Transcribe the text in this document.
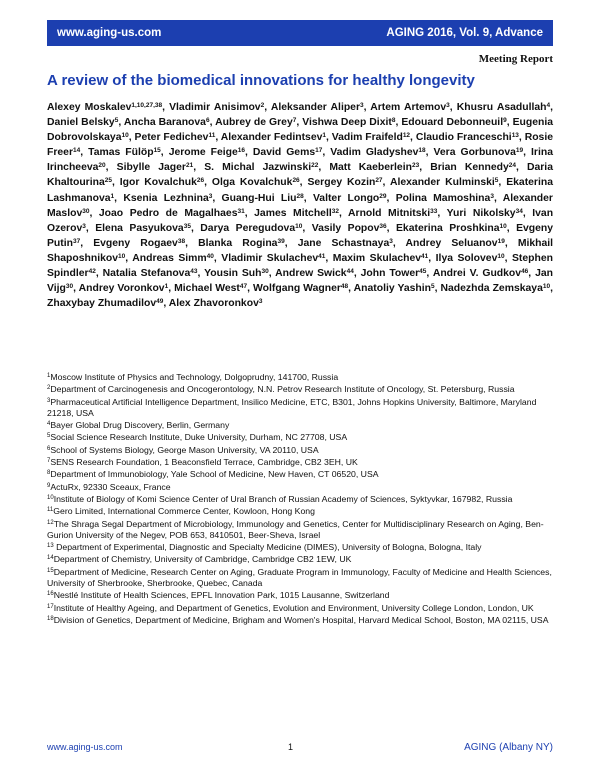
www.aging-us.com	AGING 2016, Vol. 9, Advance
Meeting Report
A review of the biomedical innovations for healthy longevity

Alexey Moskalev$^{1,10,27,38}$ , Vladimir Anisimov$^2$ , Aleksander Aliper$^3$ , Artem Artemov$^3$ , Khusru Asadullah$^4$ , Daniel Belsky$^5$ , Ancha Baranova$^6$ , Aubrey de Grey$^7$ , Vishwa Deep Dixit$^8$ , Edouard Debonneuil$^9$ , Eugenia Dobrovolskaya$^{10}$ , Peter Fedichev$^{11}$ , Alexander Fedintsev$^1$ , Vadim Fraifeld$^{12}$ , Claudio Franceschi$^{13}$ , Rosie Freer$^{14}$ , Tamas Fülöp$^{15}$ , Jerome Feige$^{16}$ , David Gems$^{17}$ , Vadim Gladyshev$^{18}$ , Vera Gorbunova$^{19}$ , Irina Irincheeva$^{20}$ , Sibylle Jager$^{21}$ , S. Michal Jazwinski$^{22}$ , Matt Kaeberlein$^{23}$ , Brian Kennedy$^{24}$ , Daria Khaltourina$^{25}$ , Igor Kovalchuk$^{26}$ , Olga Kovalchuk$^{26}$ , Sergey Kozin$^{27}$ , Alexander Kulminski$^5$ , Ekaterina Lashmanova$^1$ , Ksenia Lezhnina$^3$ , Guang-Hui Liu$^{28}$ , Valter Longo$^{29}$ , Polina Mamoshina$^3$ , Alexander Maslov$^{30}$ , Joao Pedro de Magalhaes$^{31}$ , James Mitchell$^{32}$ , Arnold Mitnitski$^{33}$ , Yuri Nikolsky$^{34}$ , Ivan Ozerov$^3$ , Elena Pasyukova$^{35}$ , Darya Peregudova$^{10}$ , Vasily Popov$^{36}$ , Ekaterina Proshkina$^{10}$ , Evgeny Putin$^{37}$ , Evgeny Rogaev$^{38}$ , Blanka Rogina$^{39}$ , Jane Schastnaya$^3$ , Andrey Seluanov$^{19}$ , Mikhail Shaposhnikov$^{10}$ , Andreas Simm$^{40}$ , Vladimir Skulachev$^{41}$ , Maxim Skulachev$^{41}$ , Ilya Solovev$^{10}$ , Stephen Spindler$^{42}$ , Natalia Stefanova$^{43}$ , Yousin Suh$^{30}$ , Andrew Swick$^{44}$ , John Tower$^{45}$ , Andrei V. Gudkov$^{46}$ , Jan Vijg$^{30}$ , Andrey Voronkov$^1$ , Michael West$^{47}$ , Wolfgang Wagner$^{48}$ , Anatoliy Yashin$^5$ , Nadezhda Zemskaya$^{10}$ , Zhaxybay Zhumadilov$^{49}$ , Alex Zhavoronkov$^3$

$^1$Moscow Institute of Physics and Technology, Dolgoprudny, 141700, Russia
$^2$Department of Carcinogenesis and Oncogerontology, N.N. Petrov Research Institute of Oncology, St. Petersburg, Russia
$^3$Pharmaceutical Artificial Intelligence Department, Insilico Medicine, ETC, B301, Johns Hopkins University, Baltimore, Maryland 21218, USA
$^4$Bayer Global Drug Discovery, Berlin, Germany
$^5$Social Science Research Institute, Duke University, Durham, NC 27708, USA
$^6$School of Systems Biology, George Mason University, VA 20110, USA
$^7$SENS Research Foundation, 1 Beaconsfield Terrace, Cambridge, CB2 3EH, UK
$^8$Department of Immunobiology, Yale School of Medicine, New Haven, CT 06520, USA
$^9$ActuRx, 92330 Sceaux, France
$^{10}$Institute of Biology of Komi Science Center of Ural Branch of Russian Academy of Sciences, Syktyvkar, 167982, Russia
$^{11}$Gero Limited, International Commerce Center, Kowloon, Hong Kong
$^{12}$The Shraga Segal Department of Microbiology, Immunology and Genetics, Center for Multidisciplinary Research on Aging, Ben-Gurion University of the Negev, POB 653, 8410501, Beer-Sheva, Israel
$^{13}$ Department of Experimental, Diagnostic and Specialty Medicine (DIMES), University of Bologna, Bologna, Italy
$^{14}$Department of Chemistry, University of Cambridge, Cambridge CB2 1EW, UK
$^{15}$Department of Medicine, Research Center on Aging, Graduate Program in Immunology, Faculty of Medicine and Health Sciences, University of Sherbrooke, Sherbrooke, Quebec, Canada
$^{16}$Nestlé Institute of Health Sciences, EPFL Innovation Park, 1015 Lausanne, Switzerland
$^{17}$Institute of Healthy Ageing, and Department of Genetics, Evolution and Environment, University College London, London, UK
$^{18}$Division of Genetics, Department of Medicine, Brigham and Women's Hospital, Harvard Medical School, Boston, MA 02115, USA
www.aging-us.com	1	AGING (Albany NY)
